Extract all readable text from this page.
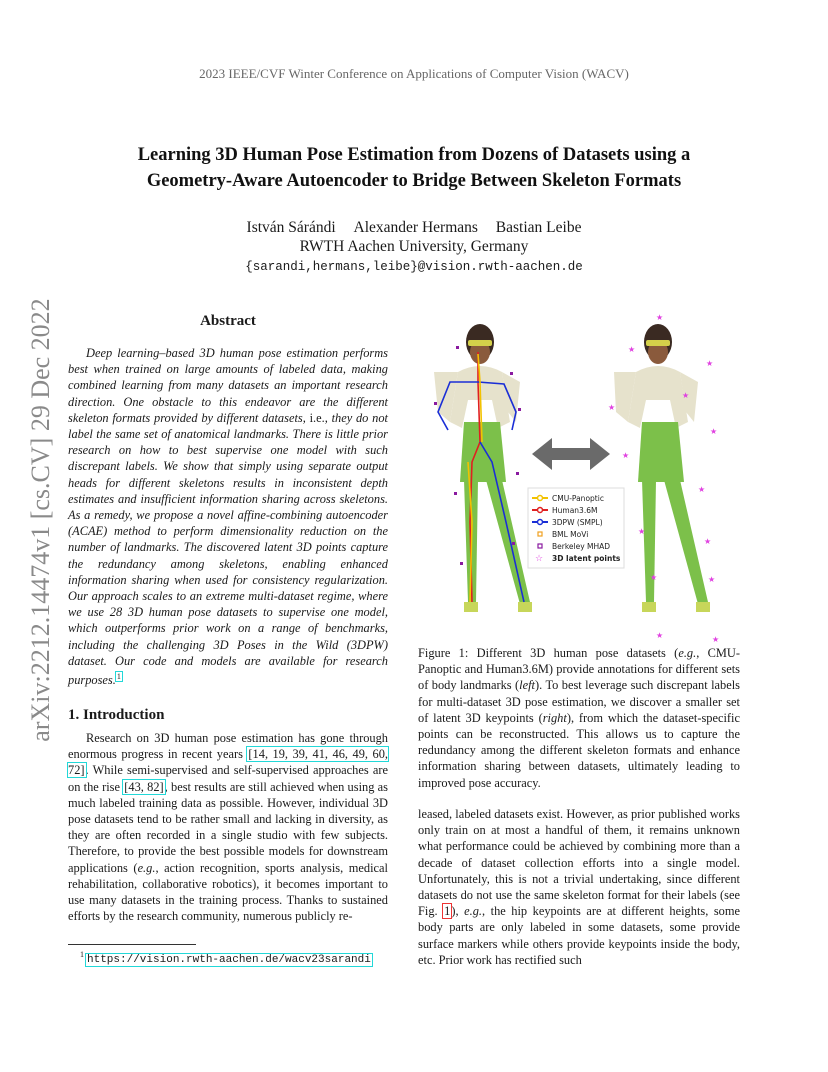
2023 IEEE/CVF Winter Conference on Applications of Computer Vision (WACV)
Learning 3D Human Pose Estimation from Dozens of Datasets using a
Geometry-Aware Autoencoder to Bridge Between Skeleton Formats
István Sárándi Alexander Hermans Bastian Leibe
RWTH Aachen University, Germany
{sarandi,hermans,leibe}@vision.rwth-aachen.de
arXiv:2212.14474v1 [cs.CV] 29 Dec 2022	Abstract
Deep learning–based 3D human pose estimation performs best when trained on large amounts of labeled data, making combined learning from many datasets an important research direction. One obstacle to this endeavor are the different skeleton formats provided by different datasets, i.e., they do not label the same set of anatomical landmarks. There is little prior research on how to best supervise one model with such discrepant labels. We show that simply using separate output heads for different skeletons results in inconsistent depth estimates and insufficient information sharing across skeletons. As a remedy, we propose a novel affine-combining autoencoder (ACAE) method to perform dimensionality reduction on the number of landmarks. The discovered latent 3D points capture the redundancy among skeletons, enabling enhanced information sharing when used for consistency regularization. Our approach scales to an extreme multi-dataset regime, where we use 28 3D human pose datasets to supervise one model, which outperforms prior work on a range of benchmarks, including the challenging 3D Poses in the Wild (3DPW) dataset. Our code and models are available for research purposes.$^1$
1. Introduction
Research on 3D human pose estimation has gone through enormous progress in recent years [14, 19, 39, 41, 46, 49, 60, 72]. While semi-supervised and self-supervised approaches are on the rise [43, 82], best results are still achieved when using as much labeled training data as possible. However, individual 3D pose datasets tend to be rather small and lacking in diversity, as they are often recorded in a single studio with few subjects. Therefore, to provide the best possible models for downstream applications (e.g., action recognition, sports analysis, medical rehabilitation, collaborative robotics), it becomes important to use many datasets in the training process. Thanks to sustained efforts by the research community, numerous publicly re-
$^1$ https://vision.rwth-aachen.de/wacv23sarandi
★
★
★
★
★
★
★
★
★
★	★
★	★
★
CMU-Panoptic
Human3.6M
3DPW (SMPL)
BML MoVi
Berkeley MHAD
☆ 3D latent points
Figure 1: Different 3D human pose datasets (e.g., CMU-Panoptic and Human3.6M) provide annotations for different sets of body landmarks (left). To best leverage such discrepant labels for multi-dataset 3D pose estimation, we discover a smaller set of latent 3D keypoints (right), from which the dataset-specific points can be reconstructed. This allows us to capture the redundancy among the different skeleton formats and enhance information sharing between datasets, ultimately leading to improved pose accuracy.
leased, labeled datasets exist. However, as prior published works only train on at most a handful of them, it remains unknown what performance could be achieved by combining more than a decade of dataset collection efforts into a single model. Unfortunately, this is not a trivial undertaking, since different datasets do not use the same skeleton format for their labels (see Fig. 1), e.g., the hip keypoints are at different heights, some body parts are only labeled in some datasets, some provide surface markers while others provide keypoints inside the body, etc. Prior work has rectified such
